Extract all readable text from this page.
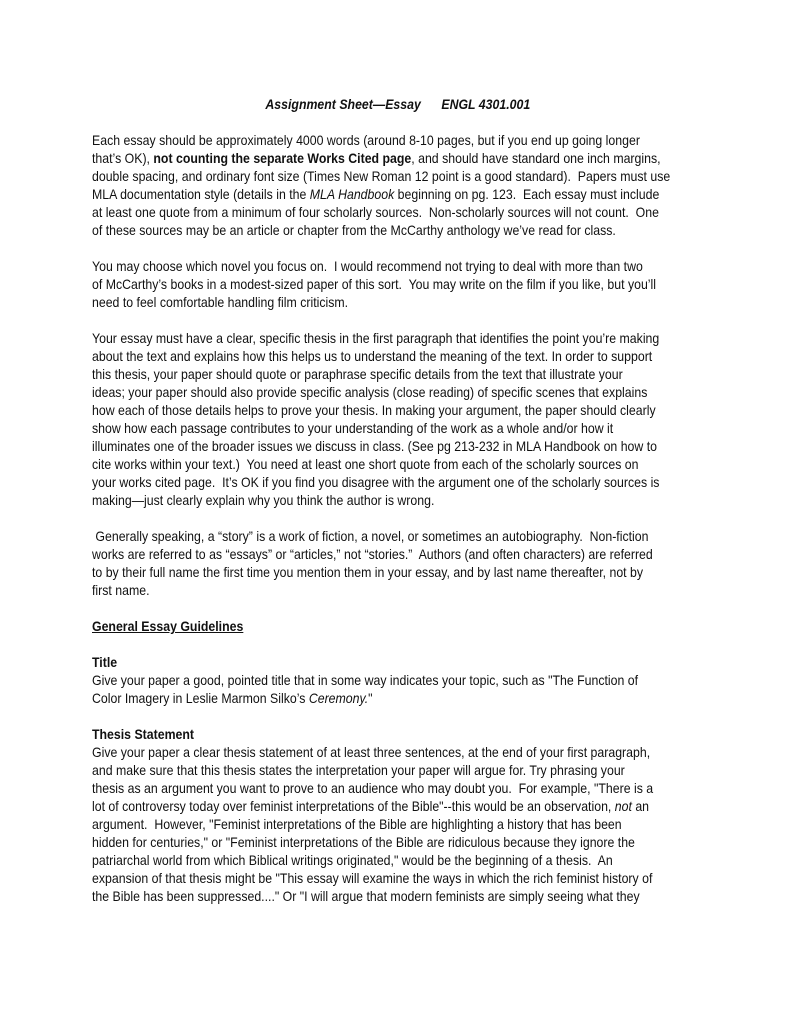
Assignment Sheet—Essay      ENGL 4301.001
Each essay should be approximately 4000 words (around 8-10 pages, but if you end up going longer
that’s OK), not counting the separate Works Cited page, and should have standard one inch margins,
double spacing, and ordinary font size (Times New Roman 12 point is a good standard).  Papers must use
MLA documentation style (details in the MLA Handbook beginning on pg. 123.  Each essay must include
at least one quote from a minimum of four scholarly sources.  Non-scholarly sources will not count.  One
of these sources may be an article or chapter from the McCarthy anthology we’ve read for class.
You may choose which novel you focus on.  I would recommend not trying to deal with more than two
of McCarthy’s books in a modest-sized paper of this sort.  You may write on the film if you like, but you’ll
need to feel comfortable handling film criticism.
Your essay must have a clear, specific thesis in the first paragraph that identifies the point you’re making
about the text and explains how this helps us to understand the meaning of the text. In order to support
this thesis, your paper should quote or paraphrase specific details from the text that illustrate your
ideas; your paper should also provide specific analysis (close reading) of specific scenes that explains
how each of those details helps to prove your thesis. In making your argument, the paper should clearly
show how each passage contributes to your understanding of the work as a whole and/or how it
illuminates one of the broader issues we discuss in class. (See pg 213-232 in MLA Handbook on how to
cite works within your text.)  You need at least one short quote from each of the scholarly sources on
your works cited page.  It’s OK if you find you disagree with the argument one of the scholarly sources is
making—just clearly explain why you think the author is wrong.
Generally speaking, a “story” is a work of fiction, a novel, or sometimes an autobiography.  Non-fiction
works are referred to as “essays” or “articles,” not “stories.”  Authors (and often characters) are referred
to by their full name the first time you mention them in your essay, and by last name thereafter, not by
first name.
General Essay Guidelines
Title
Give your paper a good, pointed title that in some way indicates your topic, such as "The Function of
Color Imagery in Leslie Marmon Silko’s Ceremony."
Thesis Statement
Give your paper a clear thesis statement of at least three sentences, at the end of your first paragraph,
and make sure that this thesis states the interpretation your paper will argue for. Try phrasing your
thesis as an argument you want to prove to an audience who may doubt you.  For example, "There is a
lot of controversy today over feminist interpretations of the Bible"--this would be an observation, not an
argument.  However, "Feminist interpretations of the Bible are highlighting a history that has been
hidden for centuries," or "Feminist interpretations of the Bible are ridiculous because they ignore the
patriarchal world from which Biblical writings originated," would be the beginning of a thesis.  An
expansion of that thesis might be "This essay will examine the ways in which the rich feminist history of
the Bible has been suppressed...." Or "I will argue that modern feminists are simply seeing what they
